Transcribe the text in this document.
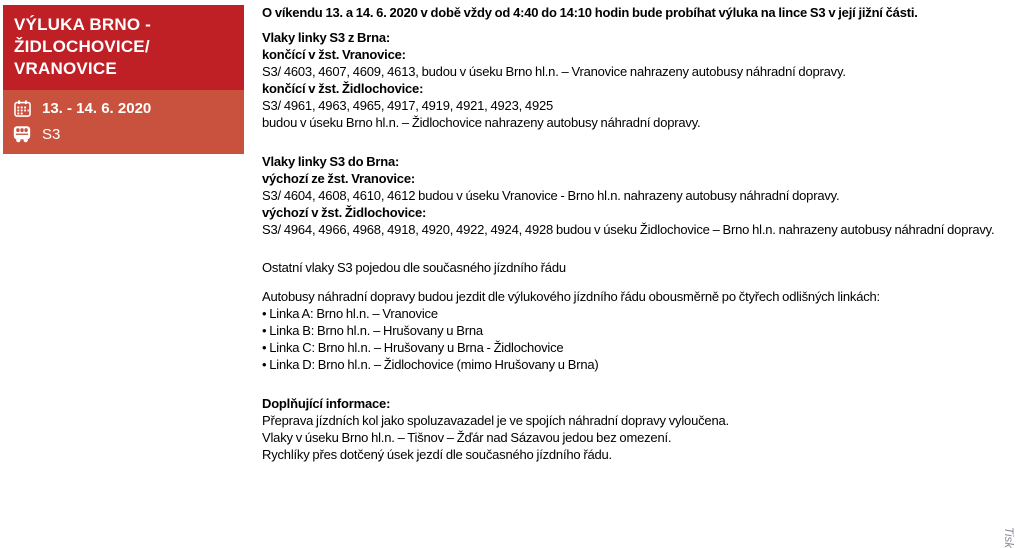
VÝLUKA BRNO - ŽIDLOCHOVICE/ VRANOVICE
13. - 14. 6. 2020
S3
O víkendu 13. a 14. 6. 2020 v době vždy od 4:40 do 14:10 hodin bude probíhat výluka na lince S3 v její jižní části.
Vlaky linky S3 z Brna:
končící v žst. Vranovice:
S3/ 4603, 4607, 4609, 4613, budou v úseku Brno hl.n. – Vranovice nahrazeny autobusy náhradní dopravy.
končící v žst. Židlochovice:
S3/ 4961, 4963, 4965, 4917, 4919, 4921, 4923, 4925
budou v úseku Brno hl.n. – Židlochovice nahrazeny autobusy náhradní dopravy.
Vlaky linky S3 do Brna:
výchozí ze žst. Vranovice:
S3/ 4604, 4608, 4610, 4612 budou v úseku Vranovice - Brno hl.n. nahrazeny autobusy náhradní dopravy.
výchozí v žst. Židlochovice:
S3/ 4964, 4966, 4968, 4918, 4920, 4922, 4924, 4928 budou v úseku Židlochovice – Brno hl.n. nahrazeny autobusy náhradní dopravy.
Ostatní vlaky S3 pojedou dle současného jízdního řádu
Autobusy náhradní dopravy budou jezdit dle výlukového jízdního řádu obousměrně po čtyřech odlišných linkách:
• Linka A: Brno hl.n. – Vranovice
• Linka B: Brno hl.n. – Hrušovany u Brna
• Linka C: Brno hl.n. – Hrušovany u Brna - Židlochovice
• Linka D: Brno hl.n. – Židlochovice (mimo Hrušovany u Brna)
Doplňující informace:
Přeprava jízdních kol jako spoluzavazadel je ve spojích náhradní dopravy vyloučena.
Vlaky v úseku Brno hl.n. – Tišnov – Žďár nad Sázavou jedou bez omezení.
Rychlíky přes dotčený úsek jezdí dle současného jízdního řádu.
Tisk
